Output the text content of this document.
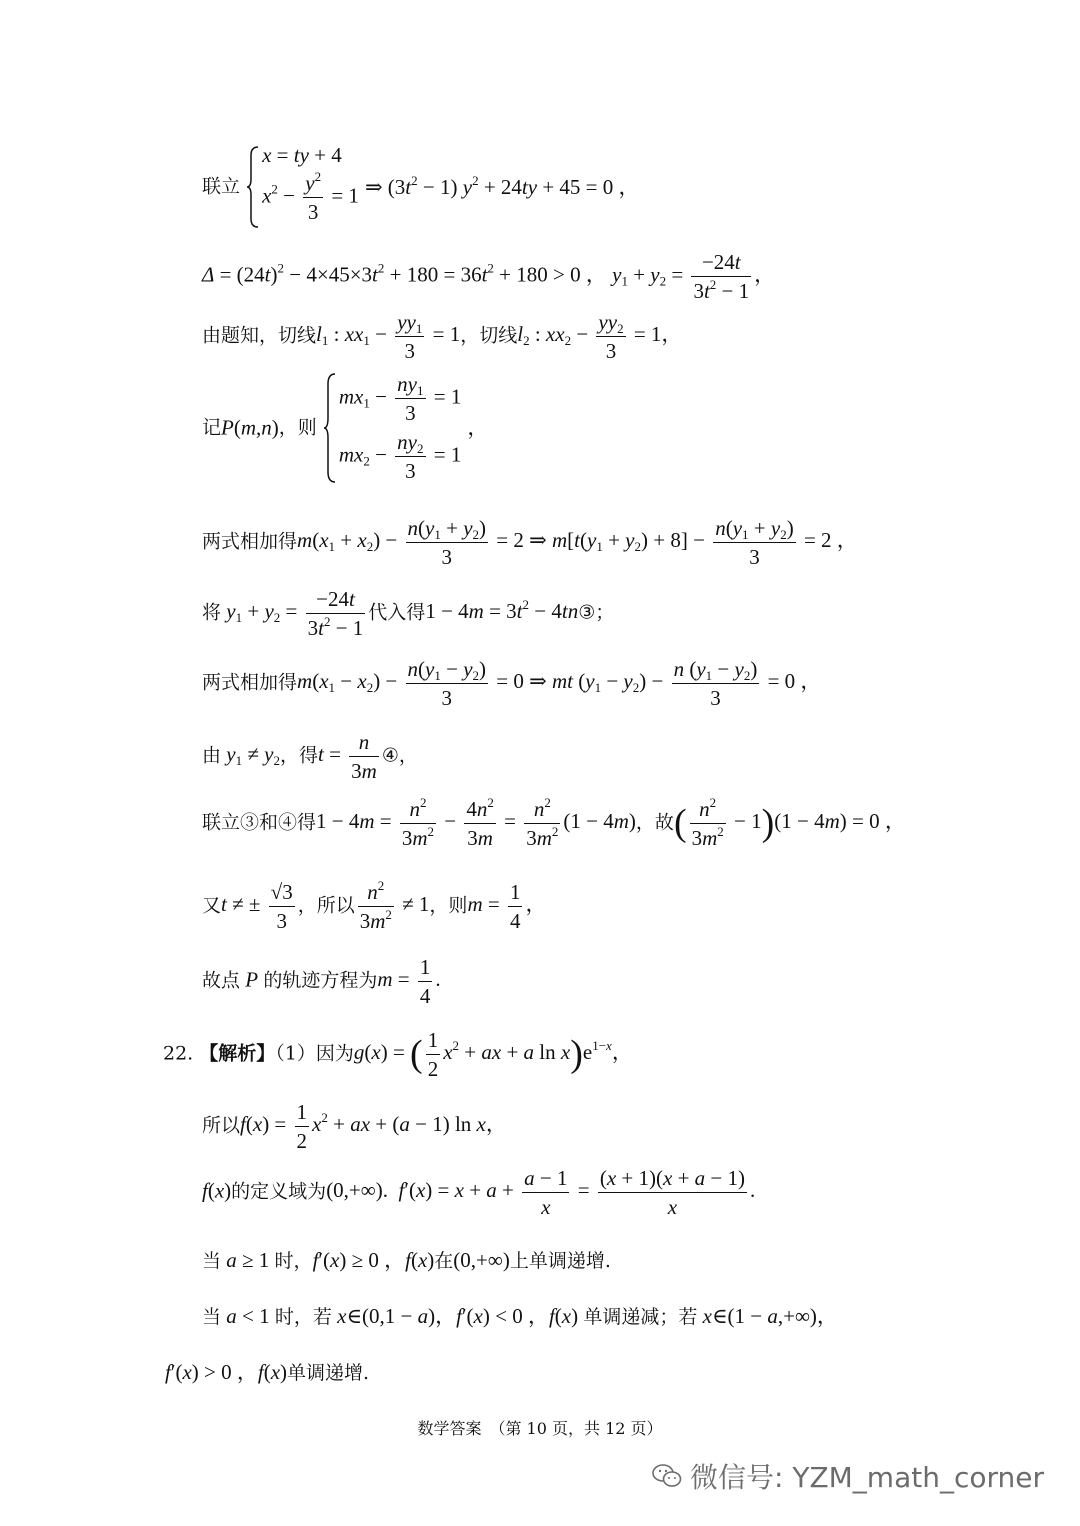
联立
x = ty + 4
$x^2 - \frac{y^2}{3} = 1$ ⇒ $(3t^2 - 1) y^2 + 24ty + 45 = 0$ ，
$\Delta = (24t)^2 - 4\times 45\times 3t^2 + 180 = 36t^2 + 180 > 0$ ， $y_1 + y_2 = \frac{-24t}{3t^2 - 1}$ ，
由题知，切线$l_1$ : $xx_1 - \frac{yy_1}{3} = 1$，切线$l_2$ : $xx_2 - \frac{yy_2}{3} = 1$，
记P(m,n)，则
$mx_1 - \frac{ny_1}{3} = 1$
$mx_2 - \frac{ny_2}{3} = 1$
，
两式相加得$m(x_1 + x_2) - \frac{n(y_1 + y_2)}{3} = 2$ ⇒ $m[t(y_1 + y_2) + 8] - \frac{n(y_1 + y_2)}{3} = 2$ ，
将 $y_1 + y_2 = \frac{-24t}{3t^2 - 1}$ 代入得$1 - 4m = 3t^2$ − 4tn③；
两式相加得$m(x_1 - x_2) - \frac{n(y_1 - y_2)}{3} = 0$ ⇒ mt $(y_1 - y_2) - \frac{n (y_1 - y_2)}{3} = 0$ ，
由 $y_1 \ne y_2$，得$t = \frac{n}{3m}$ ④，
联立③和④得$1 - 4m = \frac{n^2}{3m^2} - \frac{4n^2}{3m} = \frac{n^2}{3m^2} (1 - 4m)$，故( $\frac{n^2}{3m^2} - 1)(1 - 4m) = 0$ ，
又t ≠ ± $\frac{√3}{3}$ ，所以 $\frac{n^2}{3m^2} \ne 1$，则$m = \frac{1}{4}$ ，
故点 P 的轨迹方程为$m = \frac{1}{4}$ .
22. 【解析】（1）因为g(x) = ( $\frac{1}{2} x^2$ + ax + a $\ln x)e^{1-x}$，
所以$f(x) = \frac{1}{2} x^2$ + ax + (a − 1) ln x，
f(x)的定义域为(0,+∞).  $f'(x) = x + a + \frac{a - 1}{x} = \frac{(x + 1)(x + a - 1)}{x}$ .
当 a ≥ 1 时，f′(x) ≥ 0 ，f(x)在(0,+∞)上单调递增.
当 a < 1 时，若 x∈(0,1 − a)，f′(x) < 0 ，f(x) 单调递减；若 x∈(1 − a,+∞)，
f′(x) > 0 ，f(x)单调递增.
数学答案　（第 10 页，共 12 页）
微信号: YZM_math_corner
